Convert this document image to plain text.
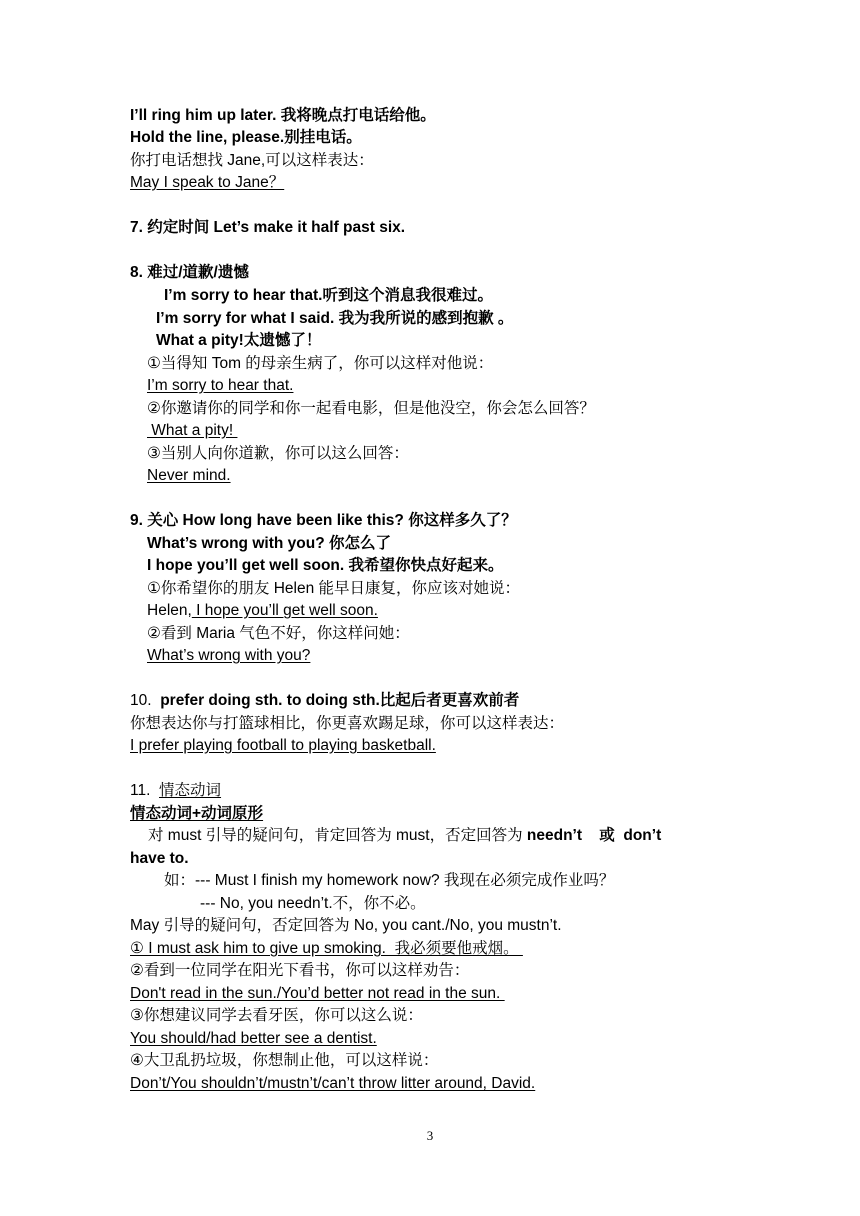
I’ll ring him up later. 我将晚点打电话给他。
Hold the line, please.别挂电话。
你打电话想找 Jane,可以这样表达：
May I speak to Jane？
7. 约定时间 Let’s make it half past six.
8. 难过/道歉/遗憾
I’m sorry to hear that.听到这个消息我很难过。
I’m sorry for what I said. 我为我所说的感到抱歉 。
What a pity!太遗憾了！
①当得知 Tom 的母亲生病了，你可以这样对他说：
I’m sorry to hear that.
②你邀请你的同学和你一起看电影，但是他没空，你会怎么回答？
What a pity!
③当别人向你道歉，你可以这么回答：
Never mind.
9. 关心 How long have been like this? 你这样多久了？
What’s wrong with you? 你怎么了
I hope you’ll get well soon. 我希望你快点好起来。
①你希望你的朋友 Helen 能早日康复，你应该对她说：
Helen, I hope you’ll get well soon.
②看到 Maria 气色不好，你这样问她：
What’s wrong with you?
10. prefer doing sth. to doing sth.比起后者更喜欢前者
你想表达你与打篮球相比，你更喜欢踢足球，你可以这样表达：
I prefer playing football to playing basketball.
11. 情态动词
情态动词+动词原形
对 must 引导的疑问句，肯定回答为 must，否定回答为 needn’t    或  don’t
have to.
如：--- Must I finish my homework now? 我现在必须完成作业吗？
--- No, you needn’t.不，你不必。
May 引导的疑问句，否定回答为 No, you cant./No, you mustn’t.
① I must ask him to give up smoking.  我必须要他戒烟。
②看到一位同学在阳光下看书，你可以这样劝告：
Don't read in the sun./You’d better not read in the sun.
③你想建议同学去看牙医，你可以这么说：
You should/had better see a dentist.
④大卫乱扔垃圾，你想制止他，可以这样说：
Don’t/You shouldn’t/mustn’t/can’t throw litter around, David.
3
